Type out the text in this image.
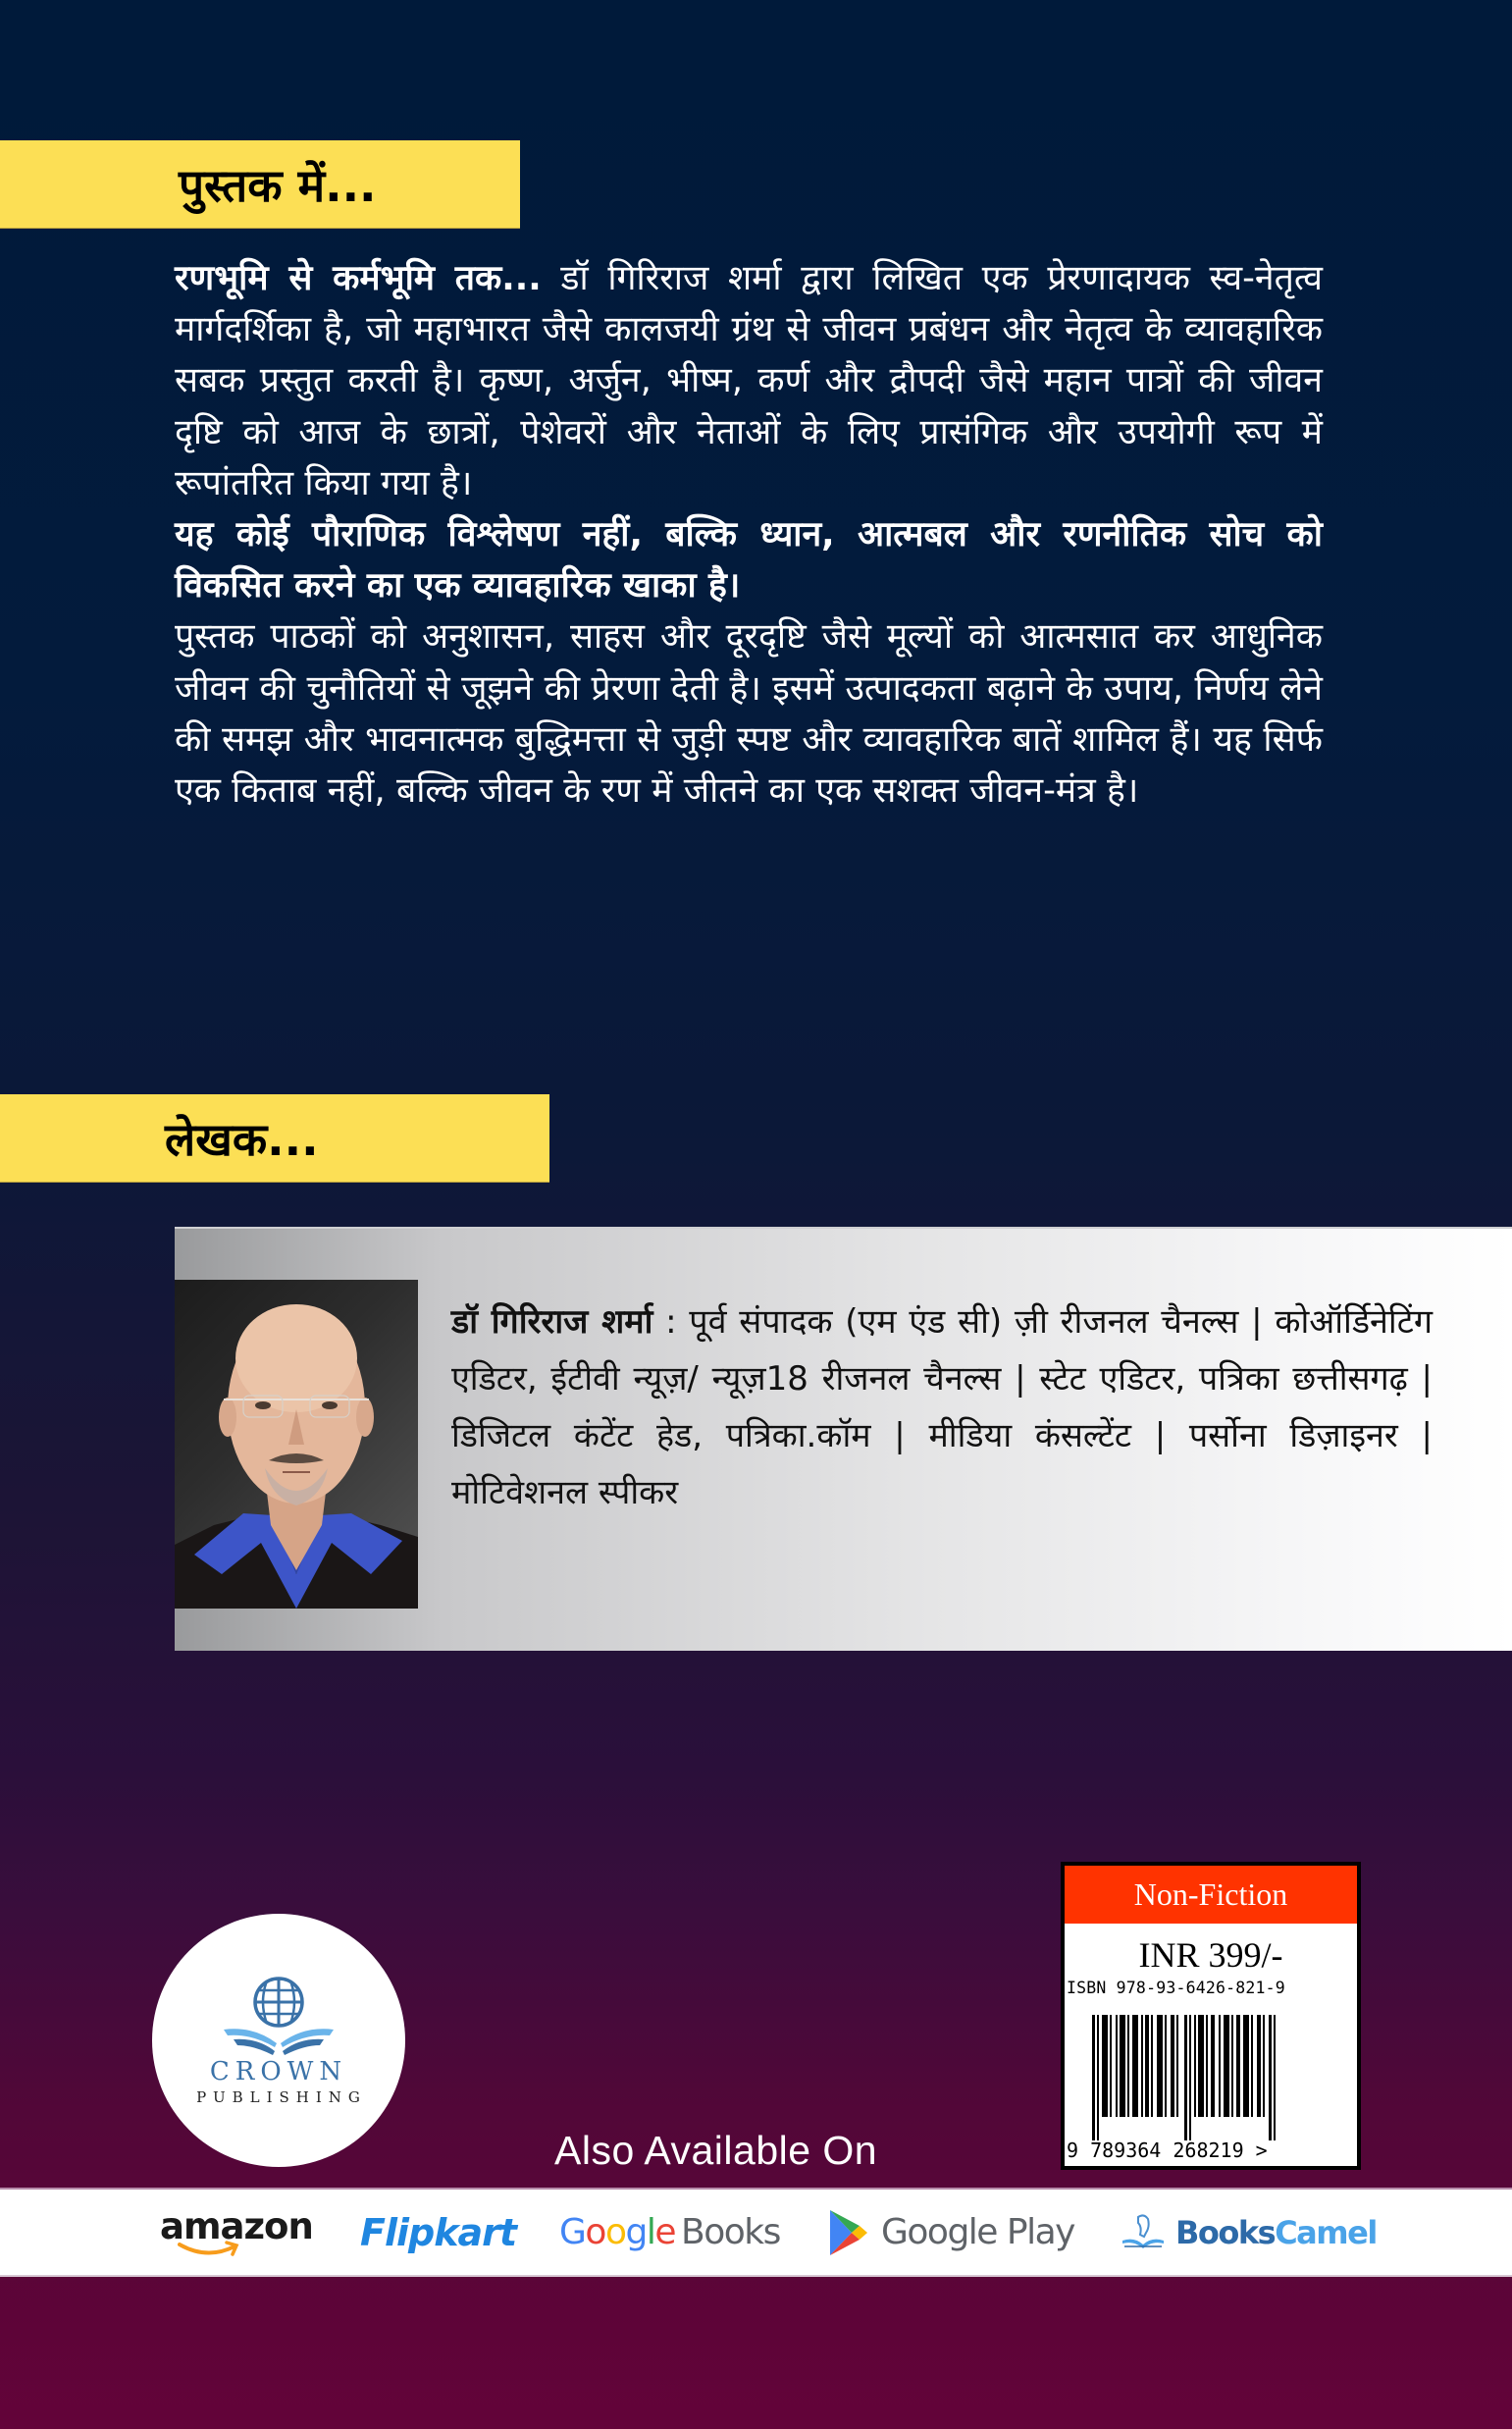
पुस्तक में...

रणभूमि से कर्मभूमि तक... डॉ गिरिराज शर्मा द्वारा लिखित एक प्रेरणादायक स्व-नेतृत्व मार्गदर्शिका है, जो महाभारत जैसे कालजयी ग्रंथ से जीवन प्रबंधन और नेतृत्व के व्यावहारिक सबक प्रस्तुत करती है। कृष्ण, अर्जुन, भीष्म, कर्ण और द्रौपदी जैसे महान पात्रों की जीवन दृष्टि को आज के छात्रों, पेशेवरों और नेताओं के लिए प्रासंगिक और उपयोगी रूप में रूपांतरित किया गया है।

यह कोई पौराणिक विश्लेषण नहीं, बल्कि ध्यान, आत्मबल और रणनीतिक सोच को विकसित करने का एक व्यावहारिक खाका है।

पुस्तक पाठकों को अनुशासन, साहस और दूरदृष्टि जैसे मूल्यों को आत्मसात कर आधुनिक जीवन की चुनौतियों से जूझने की प्रेरणा देती है। इसमें उत्पादकता बढ़ाने के उपाय, निर्णय लेने की समझ और भावनात्मक बुद्धिमत्ता से जुड़ी स्पष्ट और व्यावहारिक बातें शामिल हैं। यह सिर्फ एक किताब नहीं, बल्कि जीवन के रण में जीतने का एक सशक्त जीवन-मंत्र है।

लेखक...
डॉ गिरिराज शर्मा : पूर्व संपादक (एम एंड सी) ज़ी रीजनल चैनल्स | कोऑर्डिनेटिंग एडिटर, ईटीवी न्यूज़/ न्यूज़18 रीजनल चैनल्स | स्टेट एडिटर, पत्रिका छत्तीसगढ़ | डिजिटल कंटेंट हेड, पत्रिका.कॉम | मीडिया कंसल्टेंट | पर्सोना डिज़ाइनर | मोटिवेशनल स्पीकर
CROWN
PUBLISHING
Non-Fiction
INR 399/-
ISBN 978-93-6426-821-9
9 789364 268219 >
Also Available On
amazon Flipkart Google Books	Google Play	BooksCamel
